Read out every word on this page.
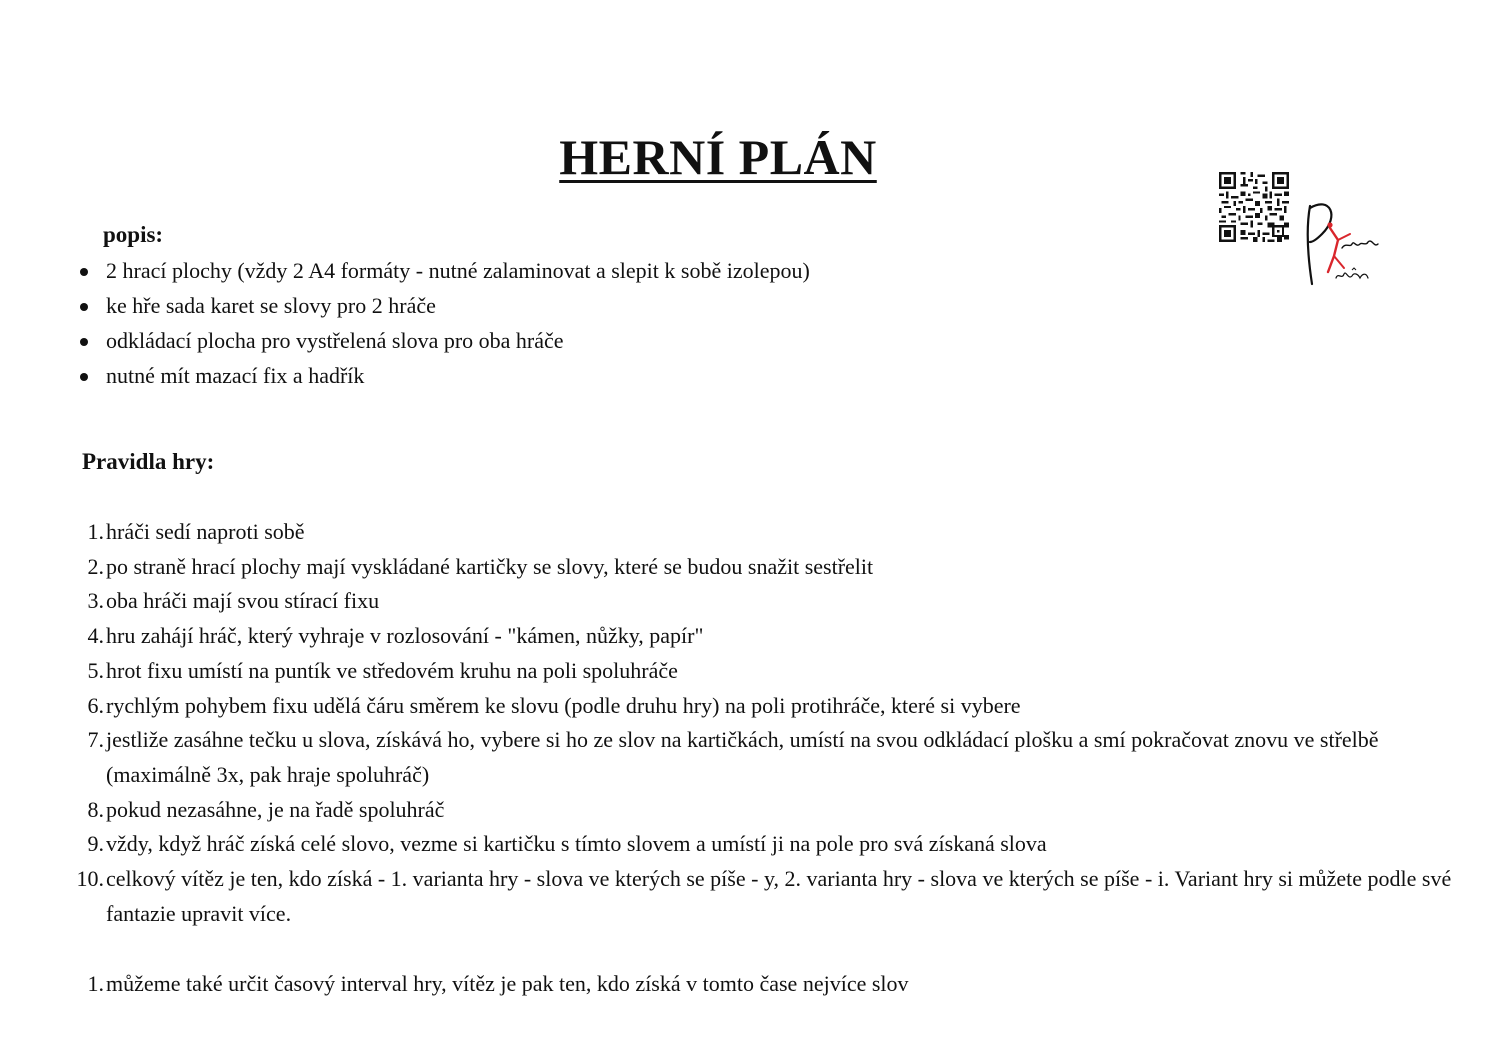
HERNÍ PLÁN
popis:
2 hrací plochy (vždy 2 A4 formáty - nutné zalaminovat a slepit k sobě izolepou)
ke hře sada karet se slovy pro 2 hráče
odkládací plocha pro vystřelená slova pro oba hráče
nutné mít mazací fix a hadřík
Pravidla hry:
1. hráči sedí naproti sobě
2. po straně hrací plochy mají vyskládané kartičky se slovy, které se budou snažit sestřelit
3. oba hráči mají svou stírací fixu
4. hru zahájí hráč, který vyhraje v rozlosování - "kámen, nůžky, papír"
5. hrot fixu umístí na puntík ve středovém kruhu na poli spoluhráče
6. rychlým pohybem fixu udělá čáru směrem ke slovu (podle druhu hry) na poli protihráče, které si vybere
7. jestliže zasáhne tečku u slova, získává ho, vybere si ho ze slov na kartičkách, umístí na svou odkládací plošku a smí pokračovat znovu ve střelbě (maximálně 3x, pak hraje spoluhráč)
8. pokud nezasáhne, je na řadě spoluhráč
9. vždy, když hráč získá celé slovo, vezme si kartičku s tímto slovem a umístí ji na pole pro svá získaná slova
10. celkový vítěz je ten, kdo získá - 1. varianta hry - slova ve kterých se píše - y, 2. varianta hry - slova ve kterých se píše - i. Variant hry si můžete podle své fantazie upravit více.
1. můžeme také určit časový interval hry, vítěz je pak ten, kdo získá v tomto čase nejvíce slov
